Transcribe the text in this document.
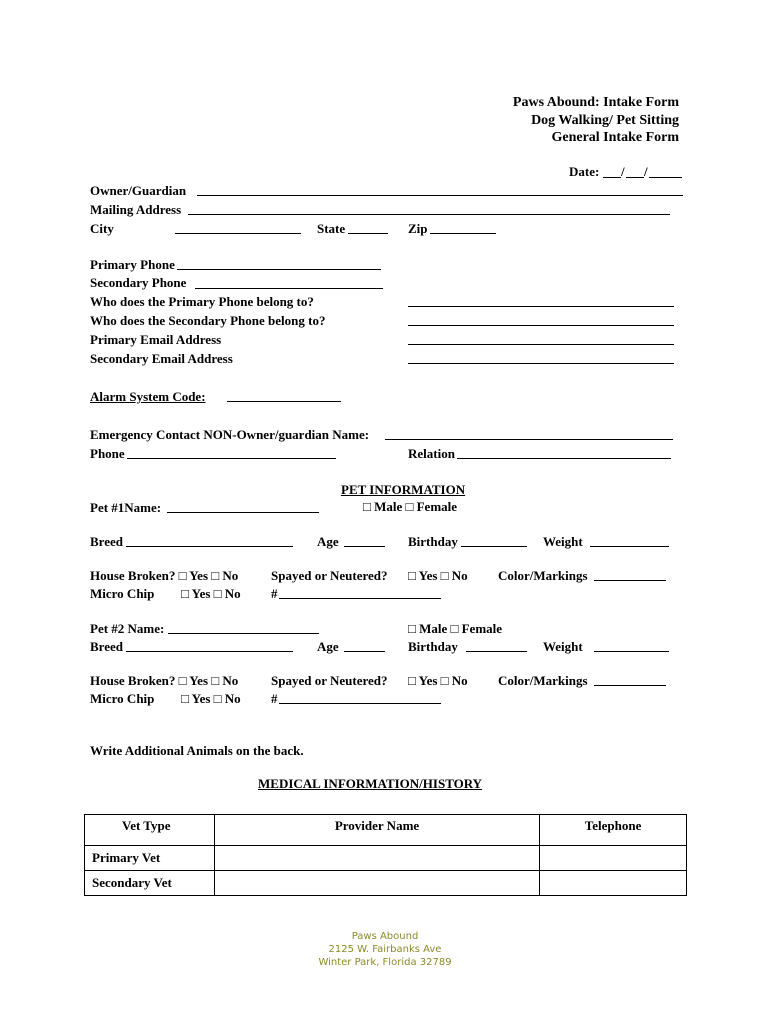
Paws Abound: Intake Form
Dog Walking/ Pet Sitting
General Intake Form
Date: / /
Owner/Guardian
Mailing Address
City	State	Zip
Primary Phone
Secondary Phone
Who does the Primary Phone belong to?
Who does the Secondary Phone belong to?
Primary Email Address
Secondary Email Address
Alarm System Code:
Emergency Contact NON-Owner/guardian Name:
Phone	Relation
PET INFORMATION
Pet #1Name:	□ Male □ Female
Breed	Age	Birthday	Weight
House Broken? □ Yes □ No	Spayed or Neutered? □ Yes □ No Color/Markings
Micro Chip □ Yes □ No #
Pet #2 Name:	□ Male □ Female
Breed	Age	Birthday	Weight
House Broken? □ Yes □ No	Spayed or Neutered? □ Yes □ No Color/Markings
Micro Chip □ Yes □ No #
Write Additional Animals on the back.
MEDICAL INFORMATION/HISTORY
Vet Type	Provider Name	Telephone
Primary Vet		
Secondary Vet		
Paws Abound
2125 W. Fairbanks Ave
Winter Park, Florida 32789
